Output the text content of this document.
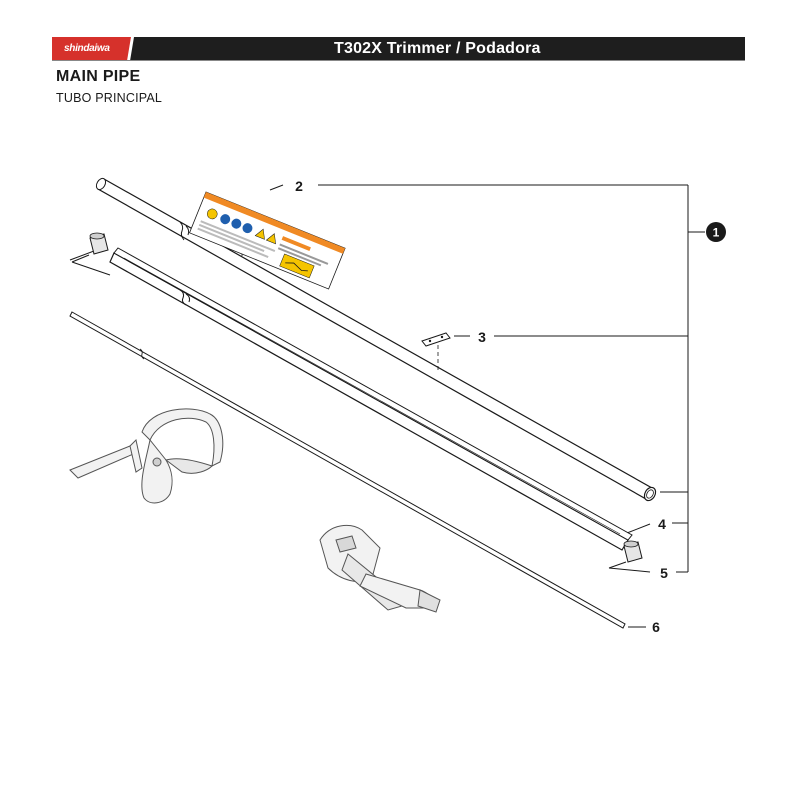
shindaiwa	T302X Trimmer / Podadora
MAIN PIPE
TUBO PRINCIPAL
2
3
4
5
6
1
